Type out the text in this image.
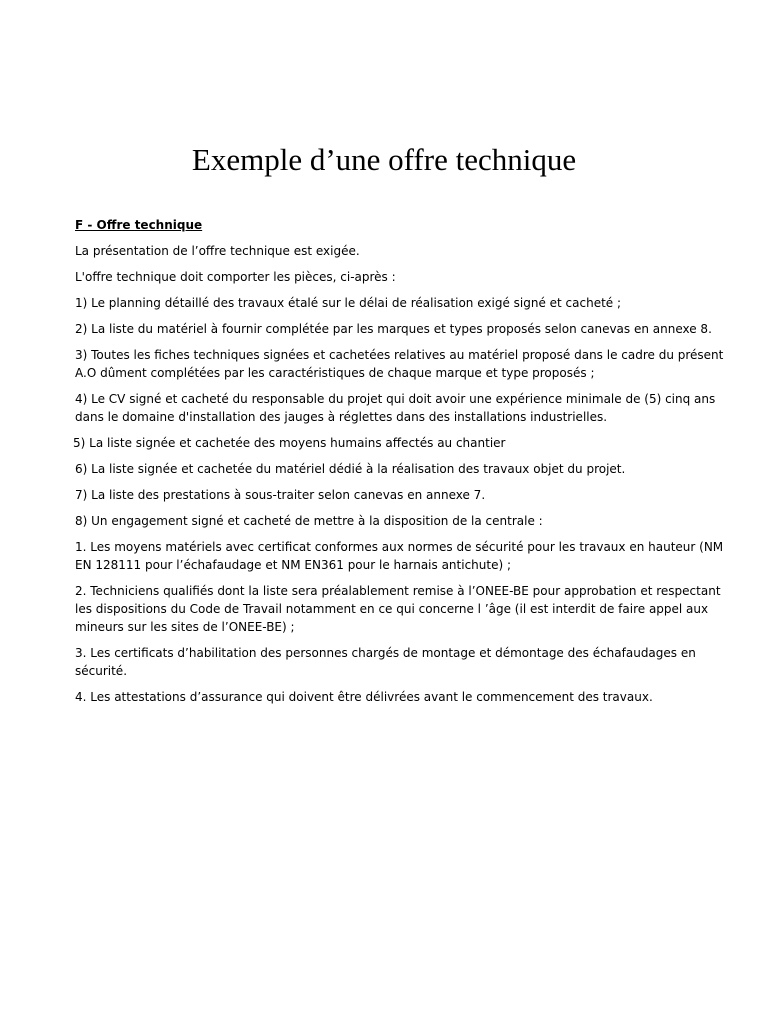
Exemple d’une offre technique

F - Offre technique

La présentation de l’offre technique est exigée.

L'offre technique doit comporter les pièces, ci-après :

1) Le planning détaillé des travaux étalé sur le délai de réalisation exigé signé et cacheté ;

2) La liste du matériel à fournir complétée par les marques et types proposés selon canevas en annexe 8.

3) Toutes les fiches techniques signées et cachetées relatives au matériel proposé dans le cadre du présent A.O dûment complétées par les caractéristiques de chaque marque et type proposés ;

4) Le CV signé et cacheté du responsable du projet qui doit avoir une expérience minimale de (5) cinq ans dans le domaine d'installation des jauges à réglettes dans des installations industrielles.

5) La liste signée et cachetée des moyens humains affectés au chantier

6) La liste signée et cachetée du matériel dédié à la réalisation des travaux objet du projet.

7) La liste des prestations à sous-traiter selon canevas en annexe 7.

8) Un engagement signé et cacheté de mettre à la disposition de la centrale :

1. Les moyens matériels avec certificat conformes aux normes de sécurité pour les travaux en hauteur (NM EN 128111 pour l’échafaudage et NM EN361 pour le harnais antichute) ;

2. Techniciens qualifiés dont la liste sera préalablement remise à l’ONEE-BE pour approbation et respectant les dispositions du Code de Travail notamment en ce qui concerne l ’âge (il est interdit de faire appel aux mineurs sur les sites de l’ONEE-BE) ;

3. Les certificats d’habilitation des personnes chargés de montage et démontage des échafaudages en sécurité.

4. Les attestations d’assurance qui doivent être délivrées avant le commencement des travaux.
